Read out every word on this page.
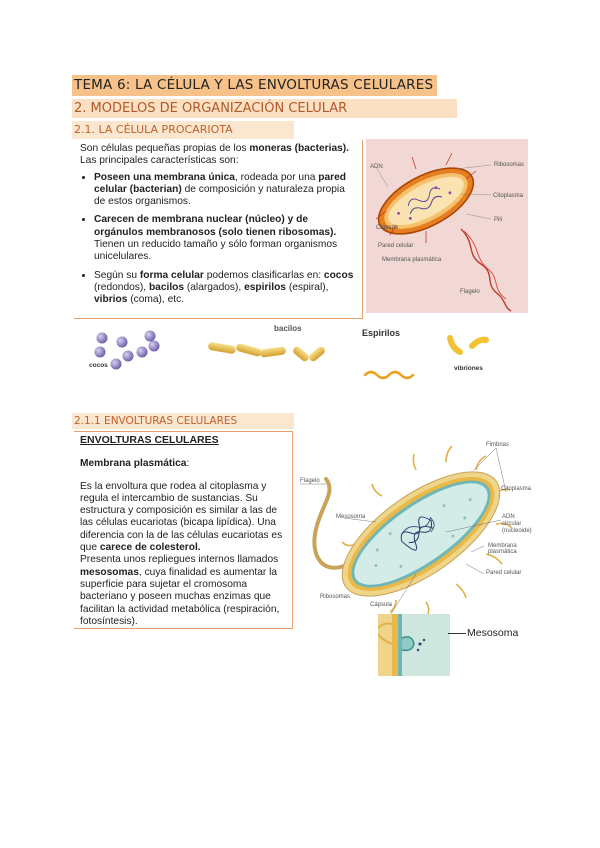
TEMA 6: LA CÉLULA Y LAS ENVOLTURAS CELULARES
2. MODELOS DE ORGANIZACIÓN CELULAR
2.1. LA CÉLULA PROCARIOTA

Son células pequeñas propias de los moneras (bacterias).
Las principales características son:

• Poseen una membrana única, rodeada por una pared celular (bacterian) de composición y naturaleza propia de estos organismos.
• Carecen de membrana nuclear (núcleo) y de orgánulos membranosos (solo tienen ribosomas). Tienen un reducido tamaño y sólo forman organismos unicelulares.
• Según su forma celular podemos clasificarlas en: cocos (redondos), bacilos (alargados), espirilos (espiral), vibrios (coma), etc.
Ribosomas
Citoplasma
ADN
Pili
Cápsula
Pared celular
Membrana plasmática
Flagelo
cocos
bacilos	Espirilos
vibriones
2.1.1 ENVOLTURAS CELULARES

ENVOLTURAS CELULARES

Membrana plasmática:

Es la envoltura que rodea al citoplasma y regula el intercambio de sustancias. Su estructura y composición es similar a las de las células eucariotas (bicapa lipídica). Una diferencia con la de las células eucariotas es que carece de colesterol.
Presenta unos repliegues internos llamados mesosomas, cuya finalidad es aumentar la superficie para sujetar el cromosoma bacteriano y poseen muchas enzimas que facilitan la actividad metabólica (respiración, fotosíntesis).

Fimbrias
Flagelo
Mesosoma
Citoplasma
ADN circular (nucleoide)
Membrana plasmática
Pared celular
Ribosomas
Cápsula
Mesosoma
